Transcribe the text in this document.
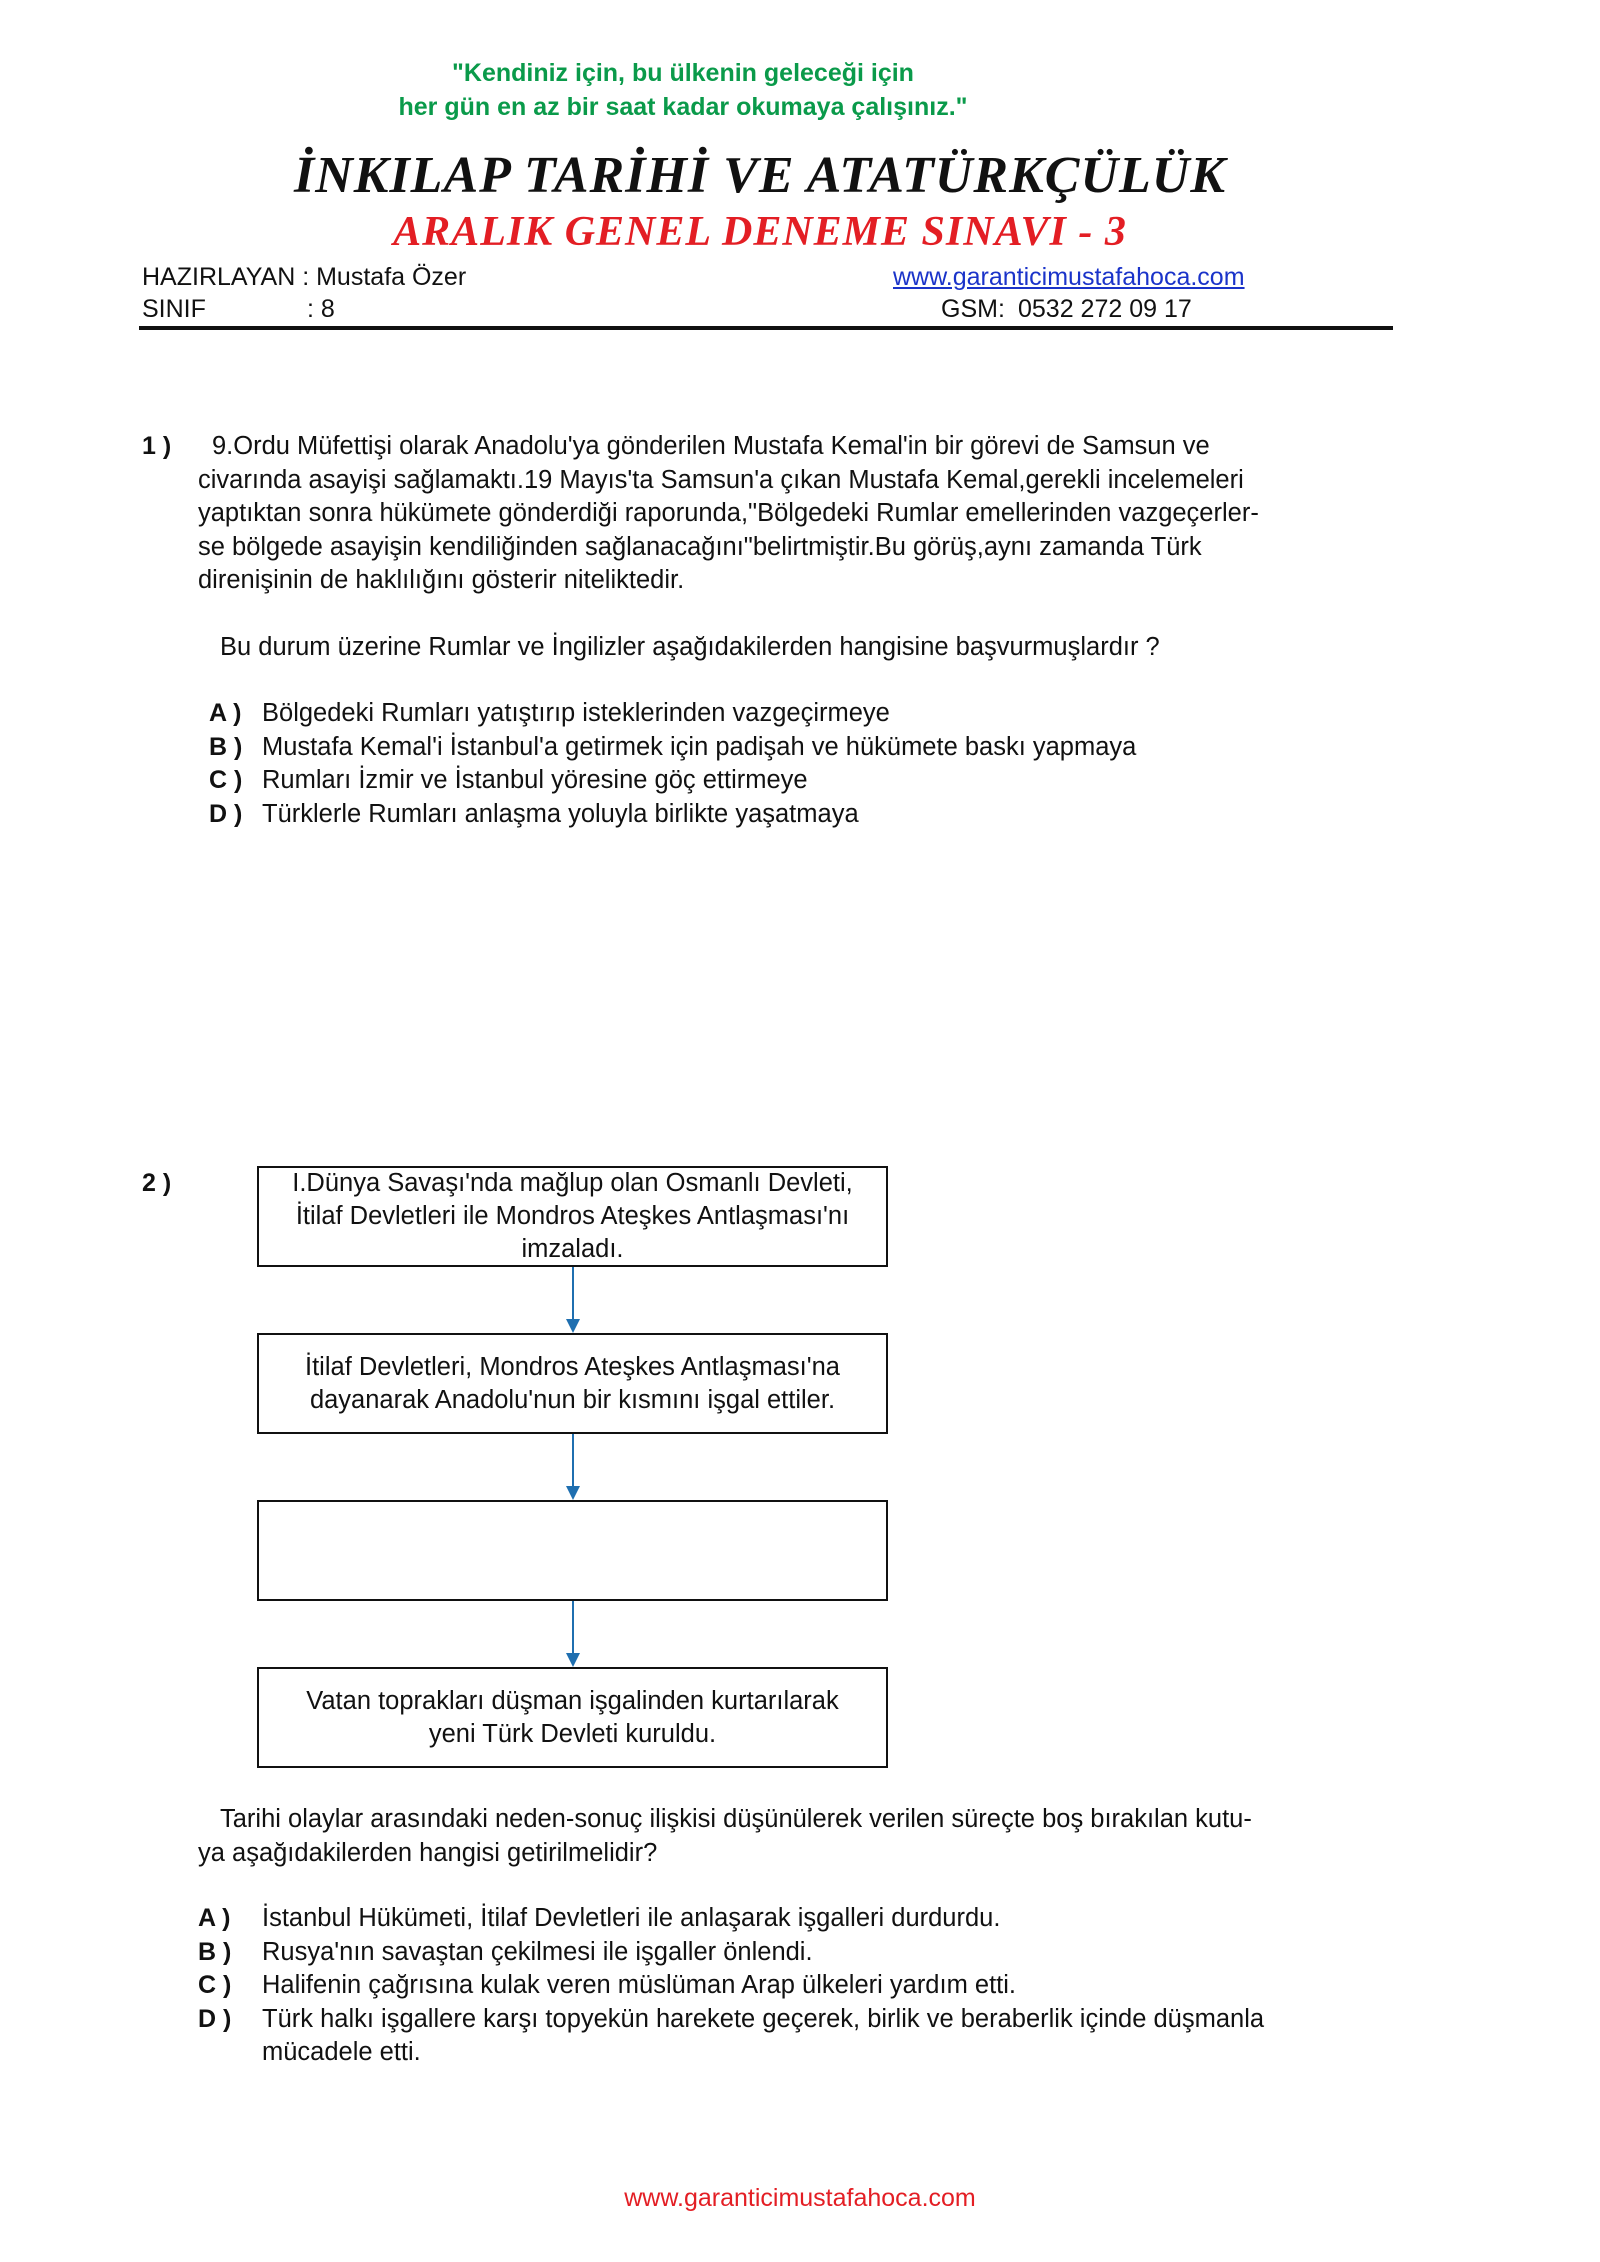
"Kendiniz için, bu ülkenin geleceği için
her gün en az bir saat kadar okumaya çalışınız."
İNKILAP TARİHİ VE ATATÜRKÇÜLÜK
ARALIK GENEL DENEME SINAVI - 3
HAZIRLAYAN : Mustafa Özer	www.garanticimustafahoca.com
SINIF	: 8	GSM: 0532 272 09 17
1 ) 9.Ordu Müfettişi olarak Anadolu'ya gönderilen Mustafa Kemal'in bir görevi de Samsun ve
civarında asayişi sağlamaktı.19 Mayıs'ta Samsun'a çıkan Mustafa Kemal,gerekli incelemeleri
yaptıktan sonra hükümete gönderdiği raporunda,"Bölgedeki Rumlar emellerinden vazgeçerler-
se bölgede asayişin kendiliğinden sağlanacağını"belirtmiştir.Bu görüş,aynı zamanda Türk
direnişinin de haklılığını gösterir niteliktedir.
Bu durum üzerine Rumlar ve İngilizler aşağıdakilerden hangisine başvurmuşlardır ?
A ) Bölgedeki Rumları yatıştırıp isteklerinden vazgeçirmeye
B ) Mustafa Kemal'i İstanbul'a getirmek için padişah ve hükümete baskı yapmaya
C ) Rumları İzmir ve İstanbul yöresine göç ettirmeye
D ) Türklerle Rumları anlaşma yoluyla birlikte yaşatmaya
2 )	I.Dünya Savaşı'nda mağlup olan Osmanlı Devleti,
İtilaf Devletleri ile Mondros Ateşkes Antlaşması'nı
imzaladı.
İtilaf Devletleri, Mondros Ateşkes Antlaşması'na
dayanarak Anadolu'nun bir kısmını işgal ettiler.
Vatan toprakları düşman işgalinden kurtarılarak
yeni Türk Devleti kuruldu.
Tarihi olaylar arasındaki neden-sonuç ilişkisi düşünülerek verilen süreçte boş bırakılan kutu-
ya aşağıdakilerden hangisi getirilmelidir?
A ) İstanbul Hükümeti, İtilaf Devletleri ile anlaşarak işgalleri durdurdu.
B ) Rusya'nın savaştan çekilmesi ile işgaller önlendi.
C ) Halifenin çağrısına kulak veren müslüman Arap ülkeleri yardım etti.
D ) Türk halkı işgallere karşı topyekün harekete geçerek, birlik ve beraberlik içinde düşmanla
mücadele etti.
www.garanticimustafahoca.com
